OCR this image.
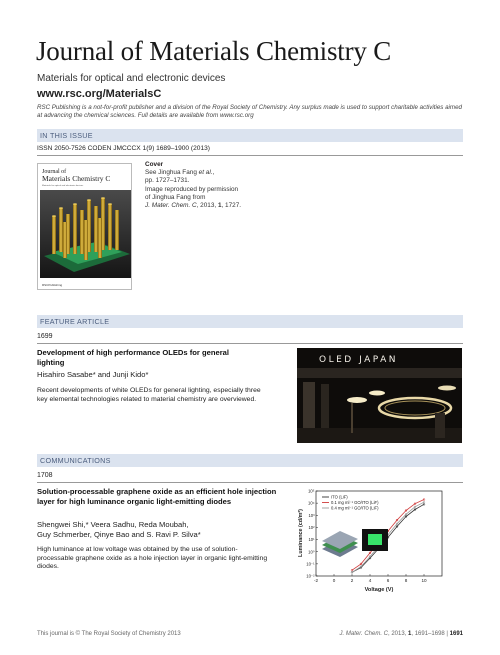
Journal of Materials Chemistry C
Materials for optical and electronic devices
www.rsc.org/MaterialsC
RSC Publishing is a not-for-profit publisher and a division of the Royal Society of Chemistry. Any surplus made is used to support charitable activities aimed at advancing the chemical sciences. Full details are available from www.rsc.org
IN THIS ISSUE
ISSN 2050-7526 CODEN JMCCCX 1(9) 1689–1900 (2013)
Journal of
Materials Chemistry C
Materials for optical and electronic devices
RSCPublishing
Cover
See Jinghua Fang et al.,
pp. 1727–1731.
Image reproduced by permission
of Jinghua Fang from
J. Mater. Chem. C, 2013, 1, 1727.
FEATURE ARTICLE
1699
Development of high performance OLEDs for general lighting
Hisahiro Sasabe* and Junji Kido*
Recent developments of white OLEDs for general lighting, especially three key elemental technologies related to material chemistry are overviewed.
OLED JAPAN
COMMUNICATIONS
1708
Solution-processable graphene oxide as an efficient hole injection layer for high luminance organic light-emitting diodes
Shengwei Shi,* Veera Sadhu, Reda Moubah,
Guy Schmerber, Qinye Bao and S. Ravi P. Silva*
High luminance at low voltage was obtained by the use of solution-processable graphene oxide as a hole injection layer in organic light-emitting diodes.
10⁵
10⁴
10³
10²
10¹
10⁰
10⁻¹
10⁻²
-2	0	2	4	6	8	10
ITO (LiF)
0.1 mg ml⁻¹ GO/ITO (LiF)
0.4 mg ml⁻¹ GO/ITO (LiF)
Voltage (V)
Luminance (cd/m²)
This journal is © The Royal Society of Chemistry 2013	J. Mater. Chem. C, 2013, 1, 1691–1698 | 1691
